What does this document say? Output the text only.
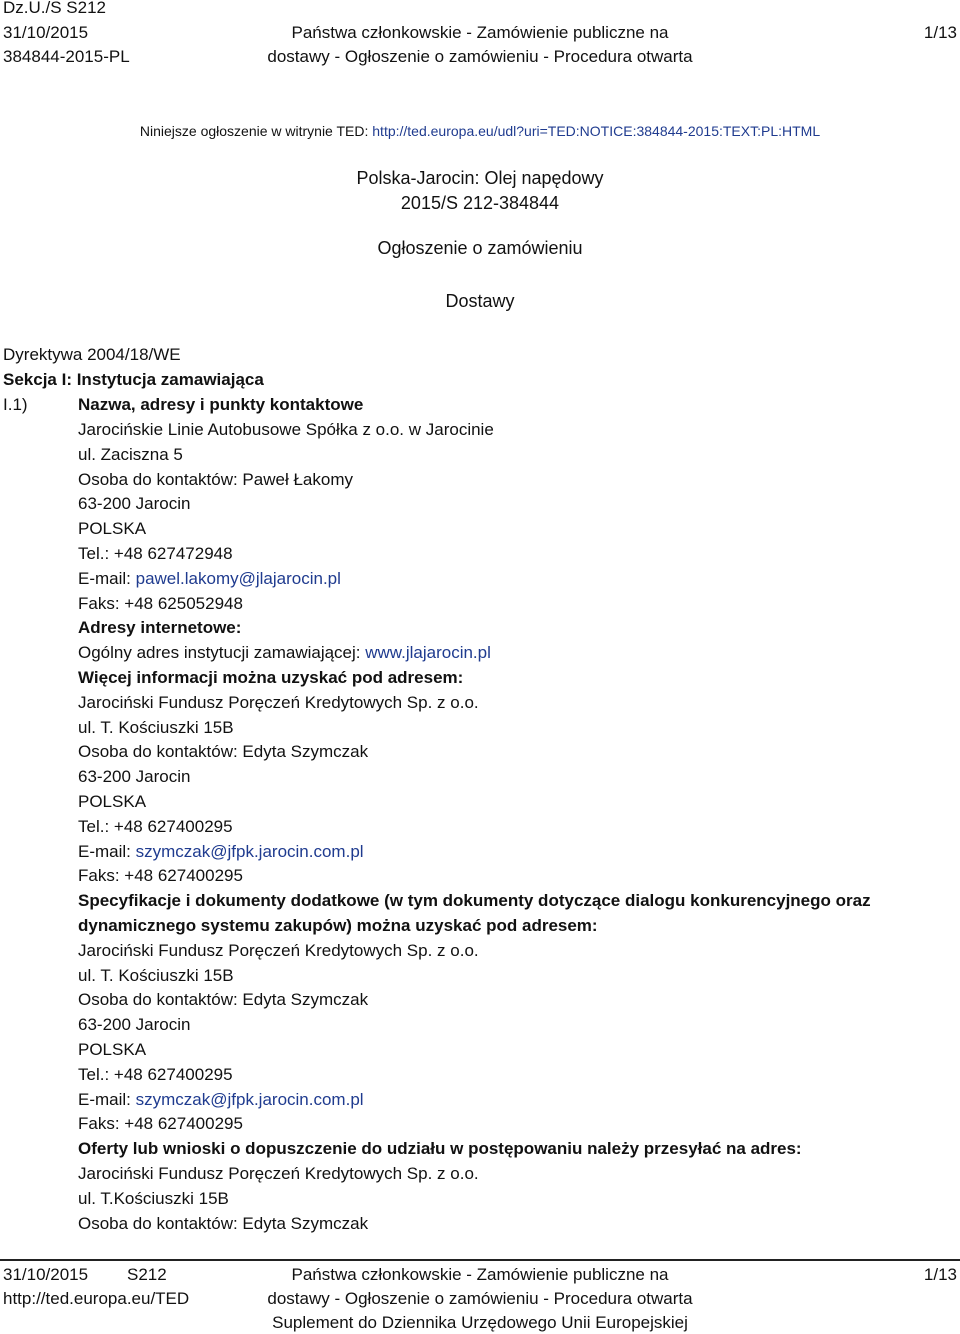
Dz.U./S S212
31/10/2015
384844-2015-PL
Państwa członkowskie - Zamówienie publiczne na
dostawy - Ogłoszenie o zamówieniu - Procedura otwarta
1/13
Niniejsze ogłoszenie w witrynie TED: http://ted.europa.eu/udl?uri=TED:NOTICE:384844-2015:TEXT:PL:HTML
Polska-Jarocin: Olej napędowy
2015/S 212-384844
Ogłoszenie o zamówieniu
Dostawy
Dyrektywa 2004/18/WE
Sekcja I: Instytucja zamawiająca
I.1)	Nazwa, adresy i punkty kontaktowe
Jarocińskie Linie Autobusowe Spółka z o.o. w Jarocinie
ul. Zaciszna 5
Osoba do kontaktów: Paweł Łakomy
63-200 Jarocin
POLSKA
Tel.: +48 627472948
E-mail: pawel.lakomy@jlajarocin.pl
Faks: +48 625052948
Adresy internetowe:
Ogólny adres instytucji zamawiającej: www.jlajarocin.pl
Więcej informacji można uzyskać pod adresem:
Jarociński Fundusz Poręczeń Kredytowych Sp. z o.o.
ul. T. Kościuszki 15B
Osoba do kontaktów: Edyta Szymczak
63-200 Jarocin
POLSKA
Tel.: +48 627400295
E-mail: szymczak@jfpk.jarocin.com.pl
Faks: +48 627400295
Specyfikacje i dokumenty dodatkowe (w tym dokumenty dotyczące dialogu konkurencyjnego oraz
dynamicznego systemu zakupów) można uzyskać pod adresem:
Jarociński Fundusz Poręczeń Kredytowych Sp. z o.o.
ul. T. Kościuszki 15B
Osoba do kontaktów: Edyta Szymczak
63-200 Jarocin
POLSKA
Tel.: +48 627400295
E-mail: szymczak@jfpk.jarocin.com.pl
Faks: +48 627400295
Oferty lub wnioski o dopuszczenie do udziału w postępowaniu należy przesyłać na adres:
Jarociński Fundusz Poręczeń Kredytowych Sp. z o.o.
ul. T.Kościuszki 15B
Osoba do kontaktów: Edyta Szymczak
31/10/2015 S212
http://ted.europa.eu/TED
Państwa członkowskie - Zamówienie publiczne na
dostawy - Ogłoszenie o zamówieniu - Procedura otwarta
Suplement do Dziennika Urzędowego Unii Europejskiej
1/13
